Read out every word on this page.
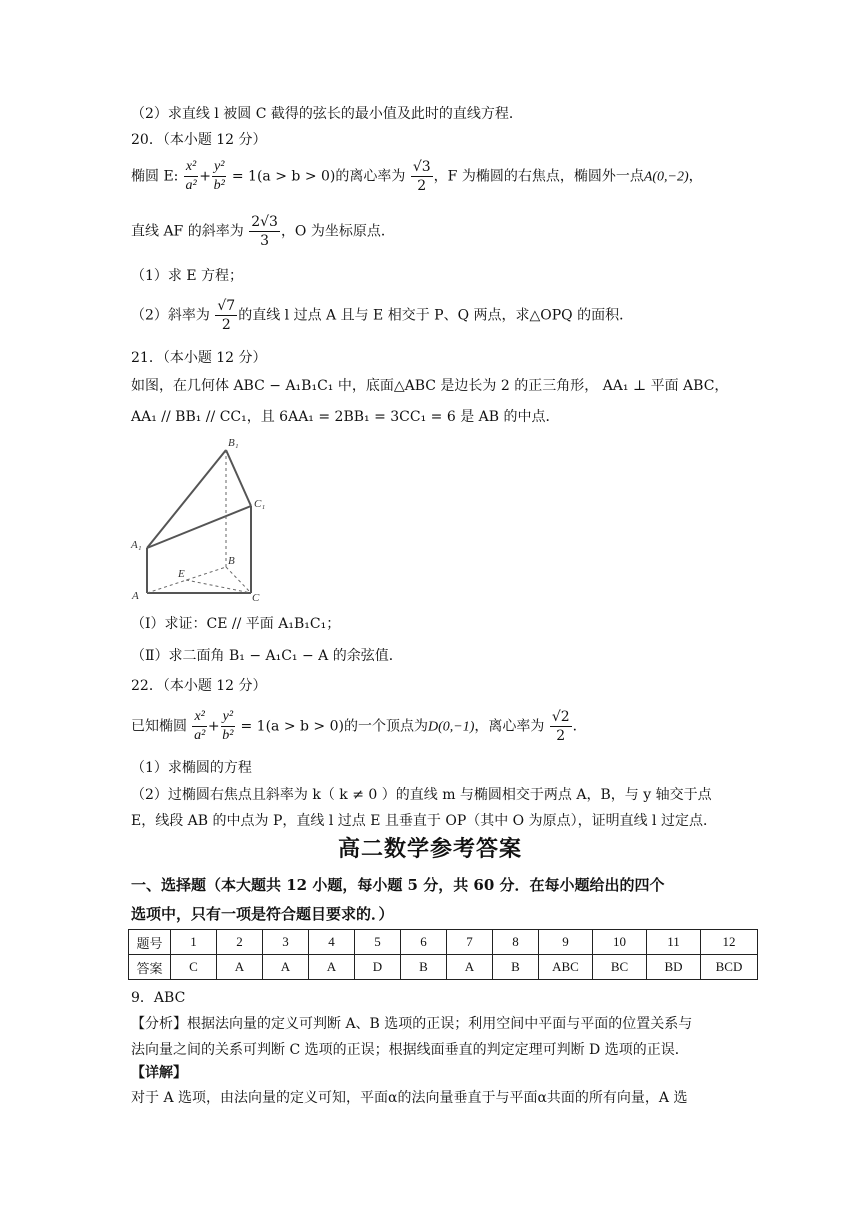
（2）求直线 l 被圆 C 截得的弦长的最小值及此时的直线方程．
20．（本小题 12 分）
椭圆 E: $\frac{\text{x²}}{\text{a²}} + \frac{\text{y²}}{\text{b²}} = 1(a > b > 0)$的离心率为 $\frac{√3}{2}$ ，F 为椭圆的右焦点，椭圆外一点A(0,−2)，
直线 AF 的斜率为 $\frac{2√3}{3}$ ，O 为坐标原点．
（1）求 E 方程；
（2）斜率为 $\frac{√7}{2}$ 的直线 l 过点 A 且与 E 相交于 P、Q 两点，求△OPQ 的面积．
21．（本小题 12 分）
如图，在几何体 ABC − A₁B₁C₁ 中，底面△ABC 是边长为 2 的正三角形， AA₁ ⊥ 平面 ABC，
AA₁ // BB₁ // CC₁，且 6AA₁ = 2BB₁ = 3CC₁ = 6 是 AB 的中点．
B₁
C₁
A₁
B
E
A	C
（Ⅰ）求证：CE // 平面 A₁B₁C₁；
（Ⅱ）求二面角 B₁ − A₁C₁ − A 的余弦值．
22．（本小题 12 分）
已知椭圆 $\frac{\text{x²}}{\text{a²}} + \frac{\text{y²}}{\text{b²}} = 1(a > b > 0)$的一个顶点为D(0,−1)，离心率为 $\frac{√2}{2}$ ．
（1）求椭圆的方程
（2）过椭圆右焦点且斜率为 k（ k ≠ 0 ）的直线 m 与椭圆相交于两点 A，B，与 y 轴交于点
E，线段 AB 的中点为 P，直线 l 过点 E 且垂直于 OP（其中 O 为原点），证明直线 l 过定点．
高二数学参考答案
一、选择题（本大题共 12 小题，每小题 5 分，共 60 分．在每小题给出的四个
选项中，只有一项是符合题目要求的．）
题号	1	2	3	4	5	6	7	8	9	10	11	12
答案	C	A	A	A	D	B	A	B	ABC	BC	BD	BCD
9．ABC
【分析】根据法向量的定义可判断 A、B 选项的正误；利用空间中平面与平面的位置关系与
法向量之间的关系可判断 C 选项的正误；根据线面垂直的判定定理可判断 D 选项的正误．
【详解】
对于 A 选项，由法向量的定义可知，平面α的法向量垂直于与平面α共面的所有向量，A 选
